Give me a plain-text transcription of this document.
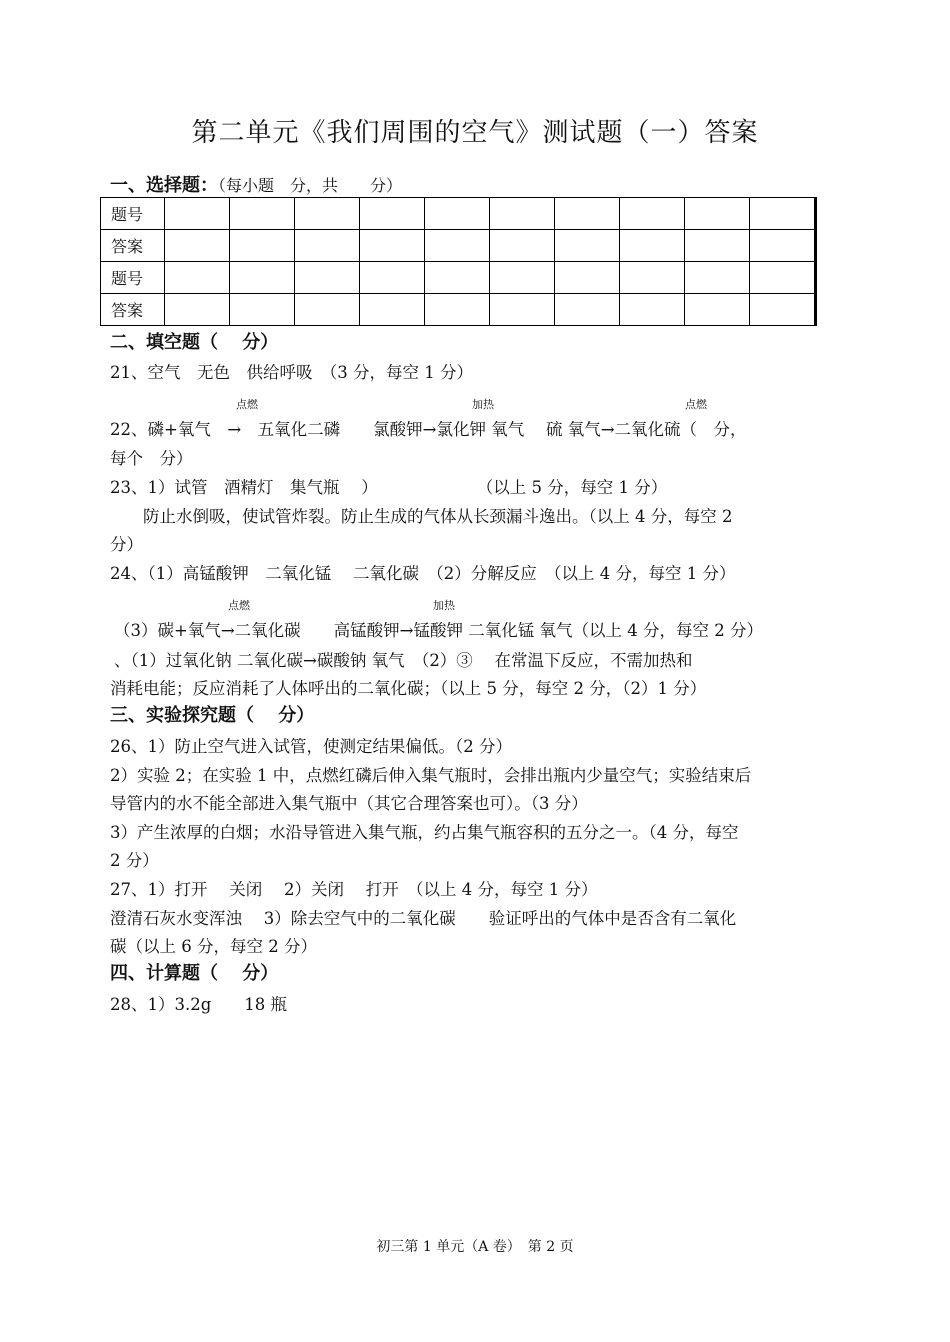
第二单元《我们周围的空气》测试题（一）答案
一、选择题：（每小题　分，共　　分）
题号										
答案										
题号										
答案										
二、填空题（　 分）
21、空气　无色　供给呼吸　（3 分，每空 1 分）
点燃	加热	点燃
22、磷+氧气　→　五氧化二磷　　氯酸钾→氯化钾 氧气　 硫 氧气→二氧化硫（　分，
每个　分）
23、1）试管　酒精灯　集气瓶　 ）　　　　　　　（以上 5 分，每空 1 分）
　　防止水倒吸，使试管炸裂。防止生成的气体从长颈漏斗逸出。（以上 4 分，每空 2
分）
24、（1）高锰酸钾　二氧化锰　 二氧化碳　（2）分解反应　（以上 4 分，每空 1 分）
点燃	加热
（3）碳+氧气→二氧化碳　　高锰酸钾→锰酸钾 二氧化锰 氧气（以上 4 分，每空 2 分）
、（1）过氧化钠 二氧化碳→碳酸钠 氧气　（2）③　 在常温下反应，不需加热和
消耗电能；反应消耗了人体呼出的二氧化碳；（以上 5 分，每空 2 分，（2）1 分）
三、实验探究题（　 分）
26、1）防止空气进入试管，使测定结果偏低。（2 分）
2）实验 2；在实验 1 中，点燃红磷后伸入集气瓶时，会排出瓶内少量空气；实验结束后
导管内的水不能全部进入集气瓶中（其它合理答案也可）。（3 分）
3）产生浓厚的白烟；水沿导管进入集气瓶，约占集气瓶容积的五分之一。（4 分，每空
2 分）
27、1）打开　 关闭　 2）关闭　 打开　（以上 4 分，每空 1 分）
澄清石灰水变浑浊　 3）除去空气中的二氧化碳　　验证呼出的气体中是否含有二氧化
碳（以上 6 分，每空 2 分）
四、计算题（　 分）
28、1）3.2g　　18 瓶
初三第 1 单元（A 卷）　第 2 页
